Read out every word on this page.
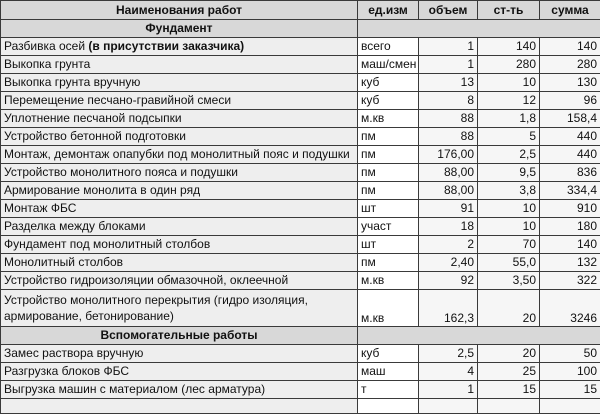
Наименования работ	ед.изм	объем	ст-ть	сумма
Фундамент				
Разбивка осей (в присутствии заказчика)	всего	1	140	140
Выкопка грунта	маш/смен	1	280	280
Выкопка грунта вручную	куб	13	10	130
Перемещение песчано-гравийной смеси	куб	8	12	96
Уплотнение песчаной подсыпки	м.кв	88	1,8	158,4
Устройство бетонной подготовки	пм	88	5	440
Монтаж, демонтаж опапубки под монолитный пояс и подушки	пм	176,00	2,5	440
Устройство монолитного пояса и подушки	пм	88,00	9,5	836
Армирование монолита в один ряд	пм	88,00	3,8	334,4
Монтаж ФБС	шт	91	10	910
Разделка между блоками	участ	18	10	180
Фундамент под монолитный столбов	шт	2	70	140
Монолитный столбов	пм	2,40	55,0	132
Устройство гидроизоляции обмазочной, оклеечной	м.кв	92	3,50	322
Устройство монолитного перекрытия (гидро изоляция, армирование, бетонирование)	м.кв	162,3	20	3246
Вспомогательные работы				
Замес раствора вручную	куб	2,5	20	50
Разгрузка блоков ФБС	маш	4	25	100
Выгрузка машин с материалом (лес арматура)	т	1	15	15
